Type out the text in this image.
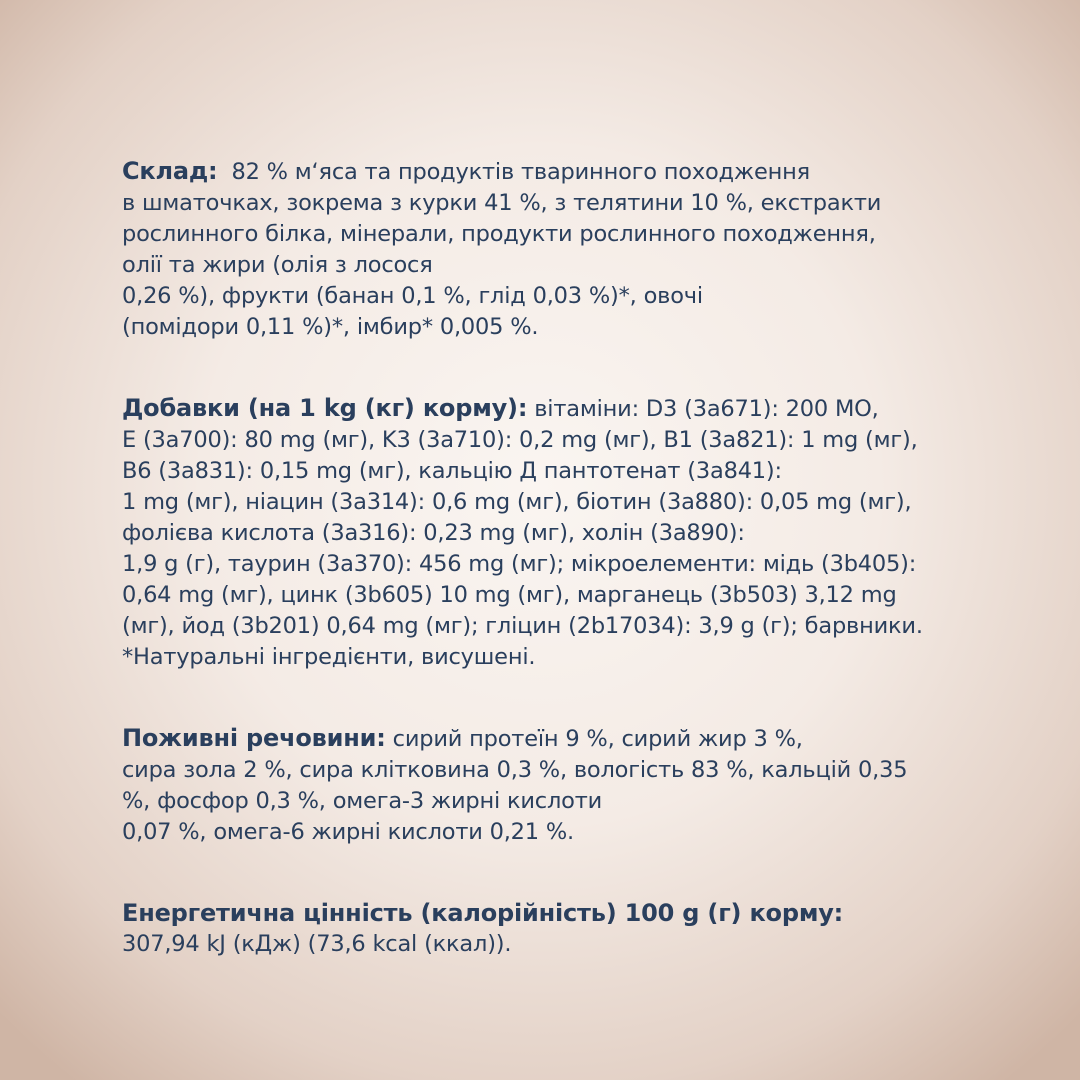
Склад: 82 % м‘яса та продуктів тваринного походження
в шматочках, зокрема з курки 41 %, з телятини 10 %, екстракти
рослинного білка, мінерали, продукти рослинного походження,
олії та жири (олія з лосося
0,26 %), фрукти (банан 0,1 %, глід 0,03 %)*, овочі
(помідори 0,11 %)*, імбир* 0,005 %.
Добавки (на 1 kg (кг) корму): вітаміни: D3 (3a671): 200 МО,
E (3a700): 80 mg (мг), K3 (3a710): 0,2 mg (мг), B1 (3a821): 1 mg (мг),
B6 (3a831): 0,15 mg (мг), кальцію Д пантотенат (3a841):
1 mg (мг), ніацин (3a314): 0,6 mg (мг), біотин (3a880): 0,05 mg (мг),
фолієва кислота (3a316): 0,23 mg (мг), холін (3a890):
1,9 g (г), таурин (3a370): 456 mg (мг); мікроелементи: мідь (3b405):
0,64 mg (мг), цинк (3b605) 10 mg (мг), марганець (3b503) 3,12 mg
(мг), йод (3b201) 0,64 mg (мг); гліцин (2b17034): 3,9 g (г); барвники.
*Натуральні інгредієнти, висушені.
Поживні речовини: сирий протеїн 9 %, сирий жир 3 %,
сира зола 2 %, сира клітковина 0,3 %, вологість 83 %, кальцій 0,35
%, фосфор 0,3 %, омега-3 жирні кислоти
0,07 %, омега-6 жирні кислоти 0,21 %.
Енергетична цінність (калорійність) 100 g (г) корму:
307,94 kJ (кДж) (73,6 kcal (ккал)).
